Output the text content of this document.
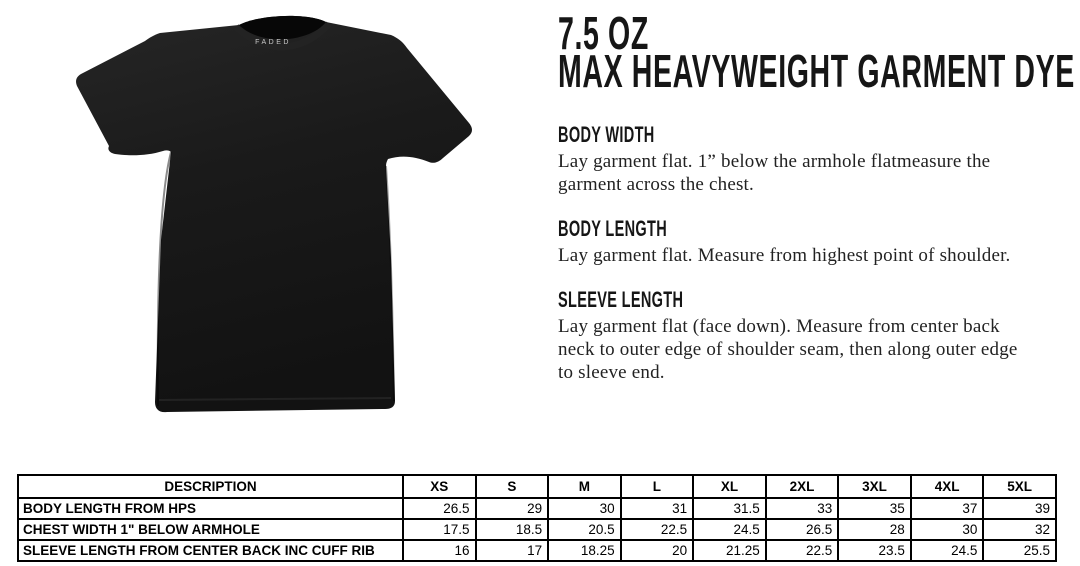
FADED	7.5 OZ
MAX HEAVYWEIGHT GARMENT DYE
BODY WIDTH

Lay garment flat. 1” below the armhole flatmeasure the garment across the chest.

BODY LENGTH

Lay garment flat. Measure from highest point of shoulder.

SLEEVE LENGTH

Lay garment flat (face down). Measure from center back neck to outer edge of shoulder seam, then along outer edge to sleeve end.

DESCRIPTION	XS	S	M	L	XL	2XL	3XL	4XL	5XL
BODY LENGTH FROM HPS	26.5	29	30	31	31.5	33	35	37	39
CHEST WIDTH 1" BELOW ARMHOLE	17.5	18.5	20.5	22.5	24.5	26.5	28	30	32
SLEEVE LENGTH FROM CENTER BACK INC CUFF RIB	16	17	18.25	20	21.25	22.5	23.5	24.5	25.5
